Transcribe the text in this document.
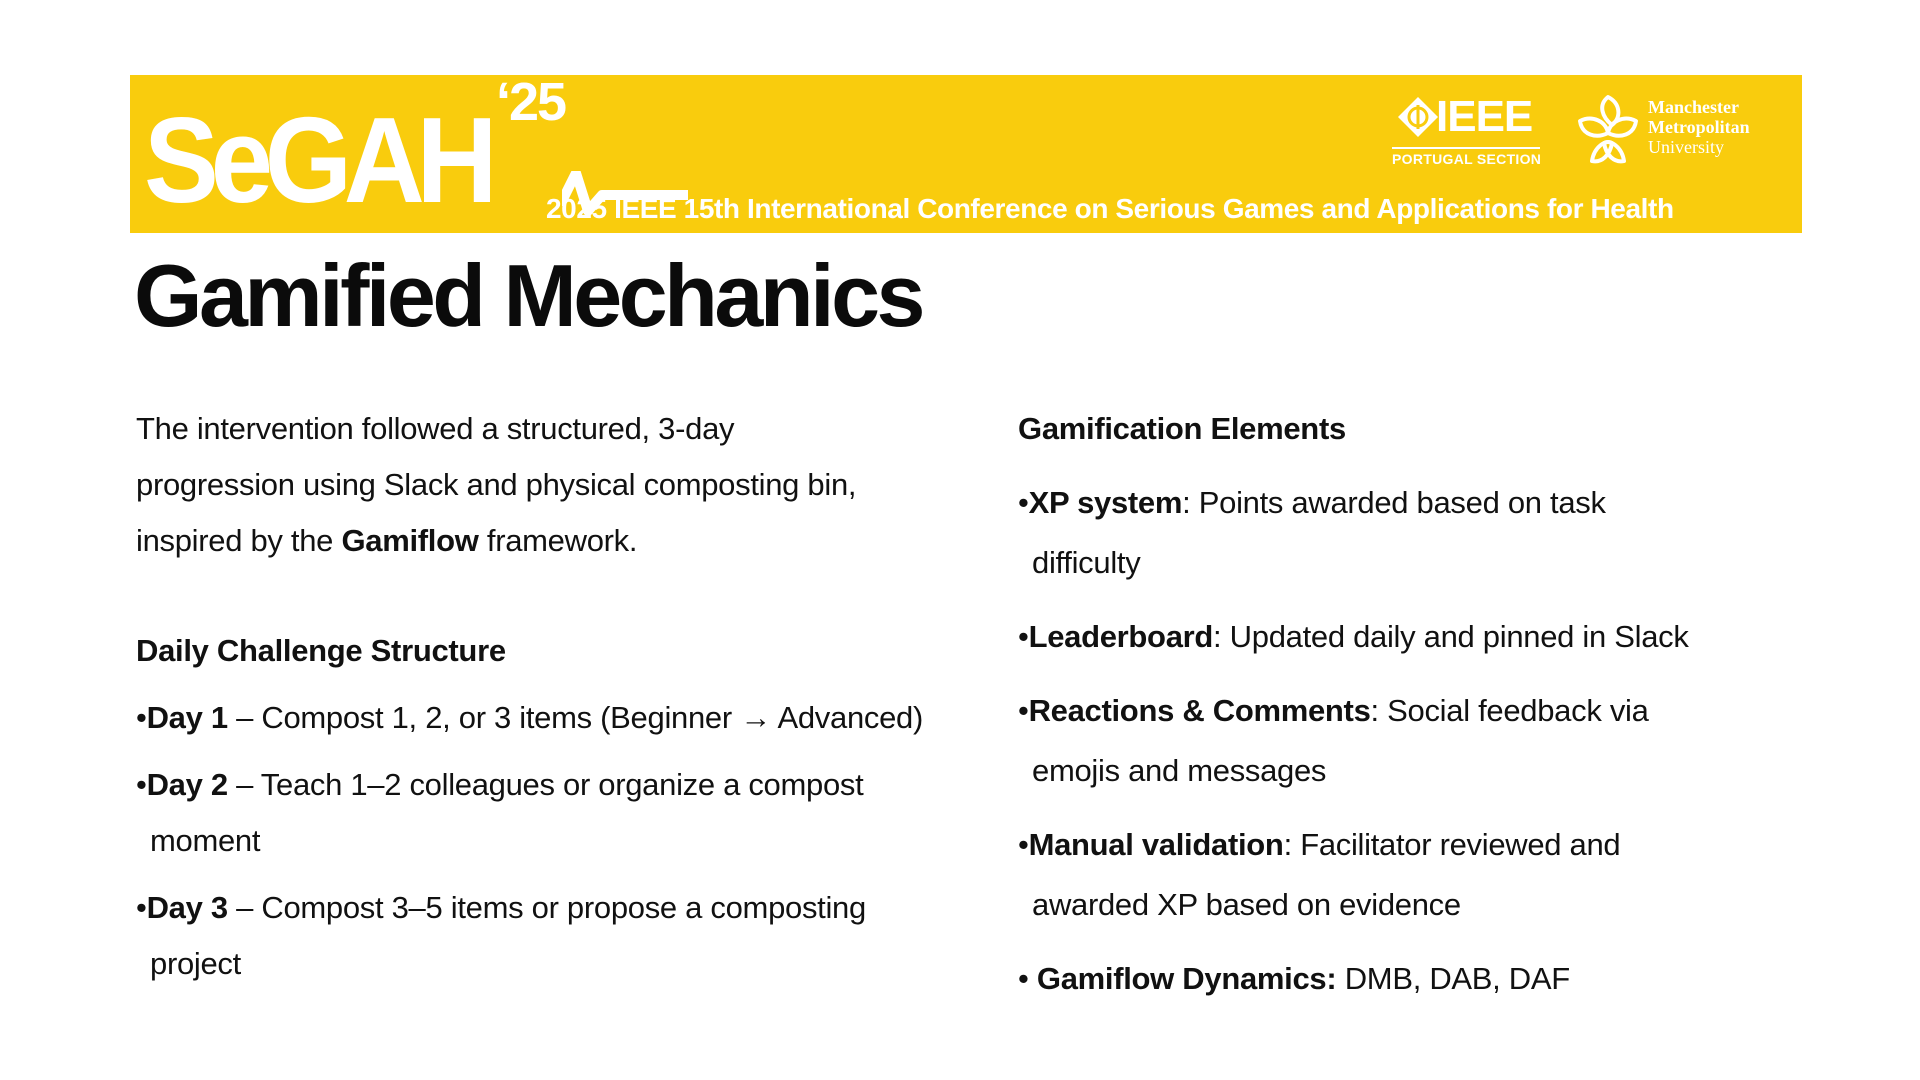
SeGAH ‘25
2025 IEEE 15th International Conference on Serious Games and Applications for Health
IEEE
PORTUGAL SECTION
Manchester
Metropolitan
University
Gamified Mechanics
The intervention followed a structured, 3-day
progression using Slack and physical composting bin,
inspired by the Gamiflow framework.
Daily Challenge Structure
•Day 1 – Compost 1, 2, or 3 items (Beginner → Advanced)
•Day 2 – Teach 1–2 colleagues or organize a compost
moment
•Day 3 – Compost 3–5 items or propose a composting
project
Gamification Elements
•XP system: Points awarded based on task
difficulty
•Leaderboard: Updated daily and pinned in Slack
•Reactions & Comments: Social feedback via
emojis and messages
•Manual validation: Facilitator reviewed and
awarded XP based on evidence
• Gamiflow Dynamics: DMB, DAB, DAF
